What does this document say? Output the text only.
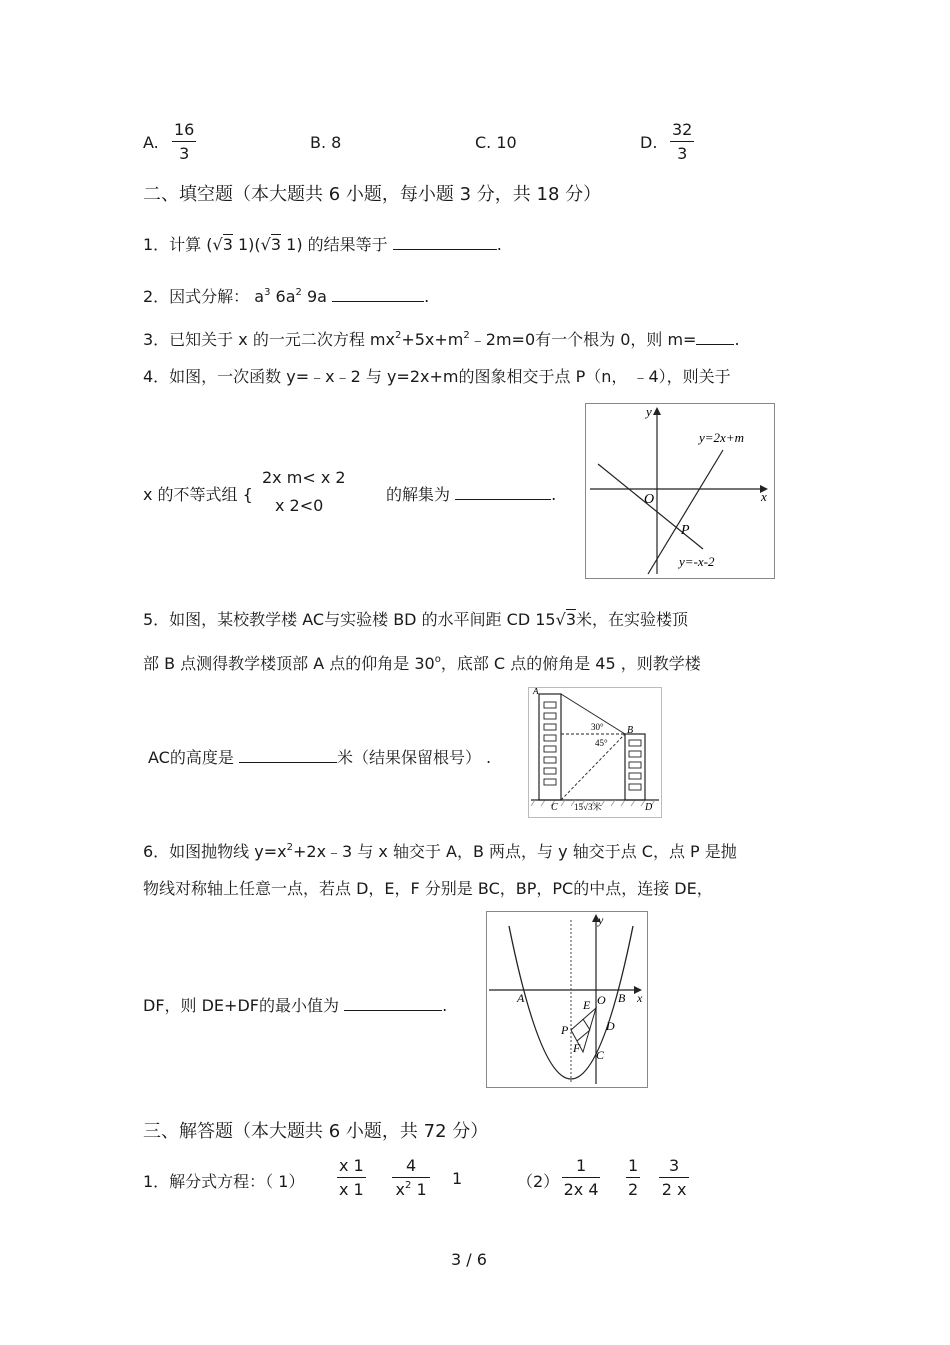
A. $\frac{16}{3}$	B. 8	C. 10	D. $\frac{32}{3}$
二、填空题（本大题共 6 小题，每小题 3 分，共 18 分）
1．计算 (√3 1)(√3 1) 的结果等于	.
2．因式分解： $a^3$ $6a^2$ 9a	.
3．已知关于 x 的一元二次方程 $mx^2+5x+m^2﹣2m=0$有一个根为 0，则 m= .
4．如图，一次函数 y=﹣x﹣2 与 y=2x+m的图象相交于点 P（n， ﹣4），则关于
x 的不等式组 {
2x m< x 2
x 2<0
的解集为	.
y
x
O
P
y=2x+m
y=-x-2
5．如图，某校教学楼 AC与实验楼 BD 的水平间距 CD 15√3米，在实验楼顶
部 B 点测得教学楼顶部 A 点的仰角是 30$^o$，底部 C 点的俯角是 45 ，则教学楼
AC的高度是	米（结果保留根号） .
A
B
C	D
30°
45°
15√3米
6．如图抛物线 $y=x^2+2x﹣3$ 与 x 轴交于 A，B 两点，与 y 轴交于点 C，点 P 是抛
物线对称轴上任意一点，若点 D，E，F 分别是 BC，BP，PC的中点，连接 DE，
DF，则 DE+DF的最小值为	.
y
x
A	B
O
E
P	D
F C
三、解答题（本大题共 6 小题，共 72 分）
1．解分式方程：（ $1) \frac{x 1}{x 1} \frac{4}{x^2 1} 1$	$(2) \frac{1}{2x 4} \frac{1}{2} \frac{3}{2 x}$
3 / 6
